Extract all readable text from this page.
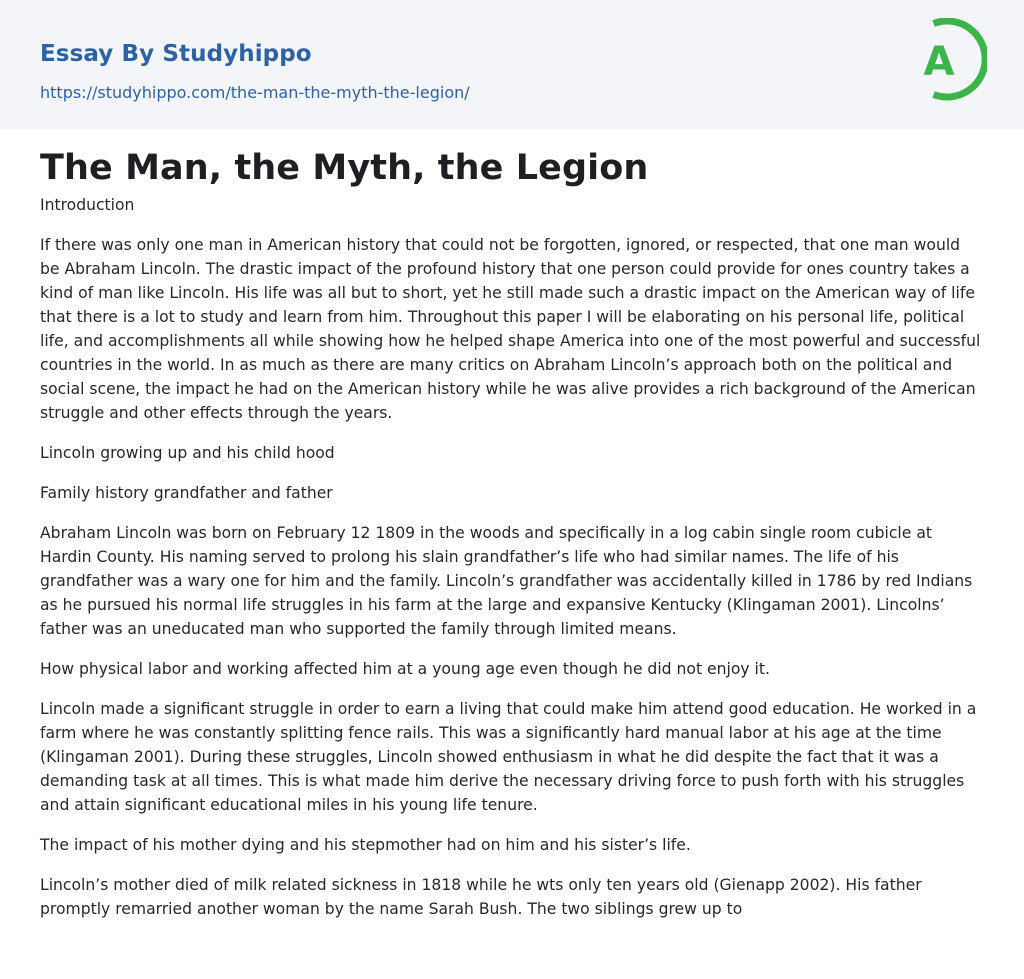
Essay By Studyhippo
https://studyhippo.com/the-man-the-myth-the-legion/
A
The Man, the Myth, the Legion

Introduction

If there was only one man in American history that could not be forgotten, ignored, or respected, that one man would be Abraham Lincoln. The drastic impact of the profound history that one person could provide for ones country takes a kind of man like Lincoln. His life was all but to short, yet he still made such a drastic impact on the American way of life that there is a lot to study and learn from him. Throughout this paper I will be elaborating on his personal life, political life, and accomplishments all while showing how he helped shape America into one of the most powerful and successful countries in the world. In as much as there are many critics on Abraham Lincoln’s approach both on the political and social scene, the impact he had on the American history while he was alive provides a rich background of the American struggle and other effects through the years.

Lincoln growing up and his child hood

Family history grandfather and father

Abraham Lincoln was born on February 12 1809 in the woods and specifically in a log cabin single room cubicle at Hardin County. His naming served to prolong his slain grandfather’s life who had similar names. The life of his grandfather was a wary one for him and the family. Lincoln’s grandfather was accidentally killed in 1786 by red Indians as he pursued his normal life struggles in his farm at the large and expansive Kentucky (Klingaman 2001). Lincolns’ father was an uneducated man who supported the family through limited means.

How physical labor and working affected him at a young age even though he did not enjoy it.

Lincoln made a significant struggle in order to earn a living that could make him attend good education. He worked in a farm where he was constantly splitting fence rails. This was a significantly hard manual labor at his age at the time (Klingaman 2001). During these struggles, Lincoln showed enthusiasm in what he did despite the fact that it was a demanding task at all times. This is what made him derive the necessary driving force to push forth with his struggles and attain significant educational miles in his young life tenure.

The impact of his mother dying and his stepmother had on him and his sister’s life.

Lincoln’s mother died of milk related sickness in 1818 while he wts only ten years old (Gienapp 2002). His father promptly remarried another woman by the name Sarah Bush. The two siblings grew up to
